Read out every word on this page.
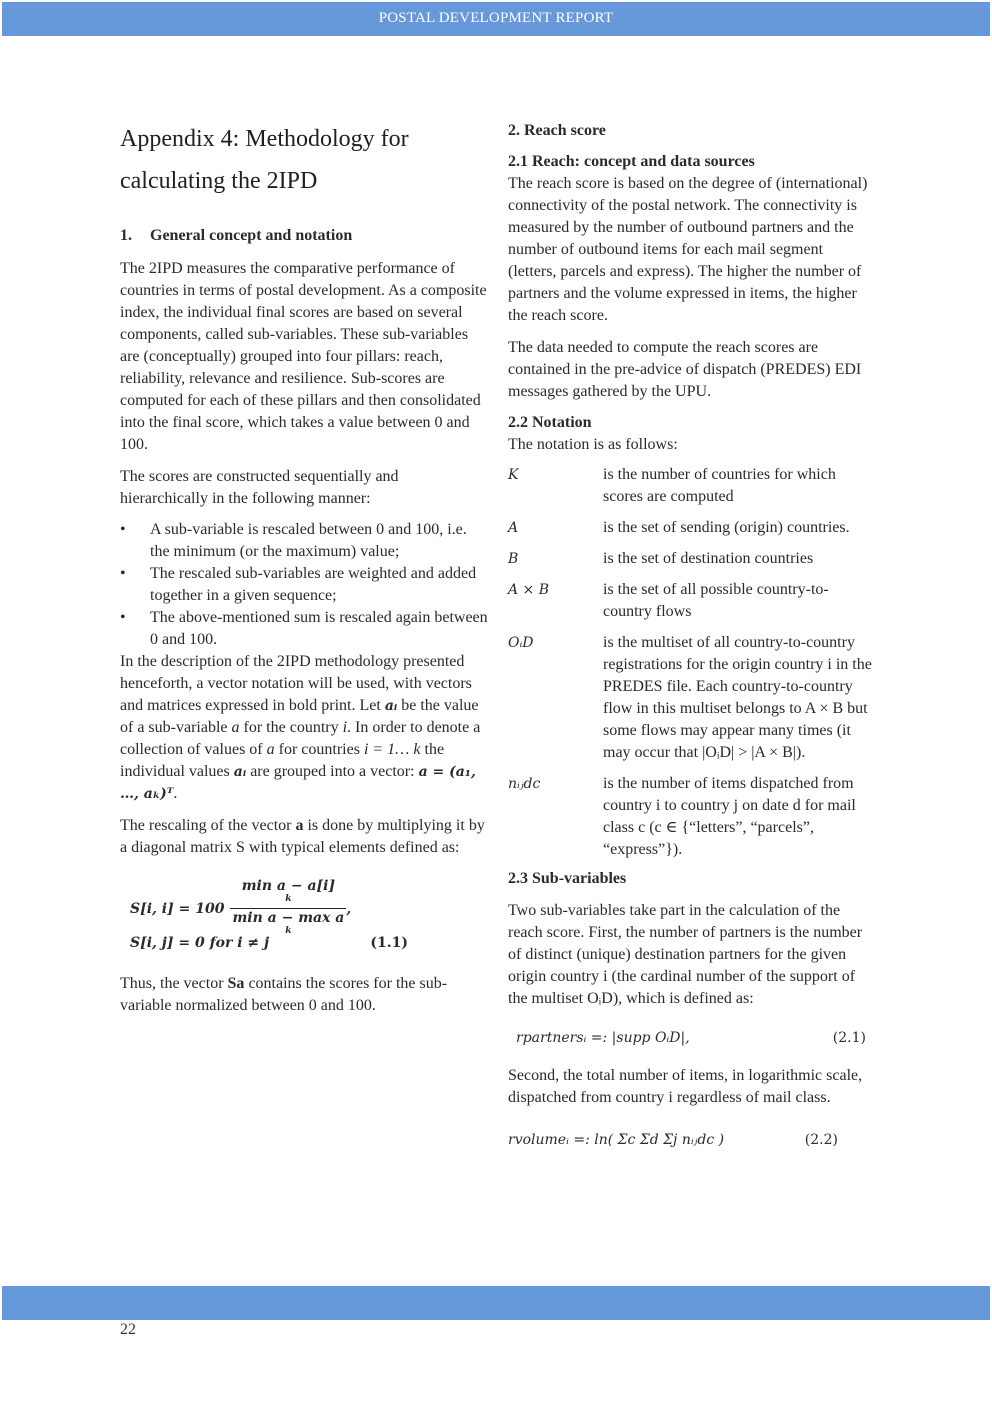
POSTAL DEVELOPMENT REPORT
Appendix 4: Methodology for
calculating the 2IPD
1. General concept and notation

The 2IPD measures the comparative performance of countries in terms of postal development. As a composite index, the individual final scores are based on several components, called sub-variables. These sub-variables are (conceptually) grouped into four pillars: reach, reliability, relevance and resilience. Sub-scores are computed for each of these pillars and then consolidated into the final score, which takes a value between 0 and 100.

The scores are constructed sequentially and hierarchically in the following manner:

• A sub-variable is rescaled between 0 and 100, i.e. the minimum (or the maximum) value;
• The rescaled sub-variables are weighted and added together in a given sequence;
• The above-mentioned sum is rescaled again between 0 and 100.

In the description of the 2IPD methodology presented henceforth, a vector notation will be used, with vectors and matrices expressed in bold print. Let aᵢ be the value of a sub-variable a for the country i. In order to denote a collection of values of a for countries i = 1… k the individual values aᵢ are grouped into a vector: a = (a₁, …, aₖ)ᵀ.

The rescaling of the vector a is done by multiplying it by a diagonal matrix S with typical elements defined as:

S[i, i] = 100 min a − a[i]
k
min a − max a
k ,
S[i, j] = 0 for i ≠ j	(1.1)

Thus, the vector Sa contains the scores for the sub-variable normalized between 0 and 100.

2. Reach score
2.1 Reach: concept and data sources

The reach score is based on the degree of (international) connectivity of the postal network. The connectivity is measured by the number of outbound partners and the number of outbound items for each mail segment (letters, parcels and express). The higher the number of partners and the volume expressed in items, the higher the reach score.

The data needed to compute the reach scores are contained in the pre-advice of dispatch (PREDES) EDI messages gathered by the UPU.

2.2 Notation

The notation is as follows:

K	is the number of countries for which scores are computed
A	is the set of sending (origin) countries.
B	is the set of destination countries
A × B	is the set of all possible country-to-country flows
OᵢD	is the multiset of all country-to-country registrations for the origin country i in the PREDES file. Each country-to-country flow in this multiset belongs to A × B but some flows may appear many times (it may occur that |OᵢD| > |A × B|).
nᵢⱼdc	is the number of items dispatched from country i to country j on date d for mail class c (c ∈ {“letters”, “parcels”, “express”}).
2.3 Sub-variables

Two sub-variables take part in the calculation of the reach score. First, the number of partners is the number of distinct (unique) destination partners for the given origin country i (the cardinal number of the support of the multiset OᵢD), which is defined as:

rpartnersᵢ =: |supp OᵢD|,	(2.1)

Second, the total number of items, in logarithmic scale, dispatched from country i regardless of mail class.

rvolumeᵢ =: ln( Σc Σd Σj nᵢⱼdc )	(2.2)
22
